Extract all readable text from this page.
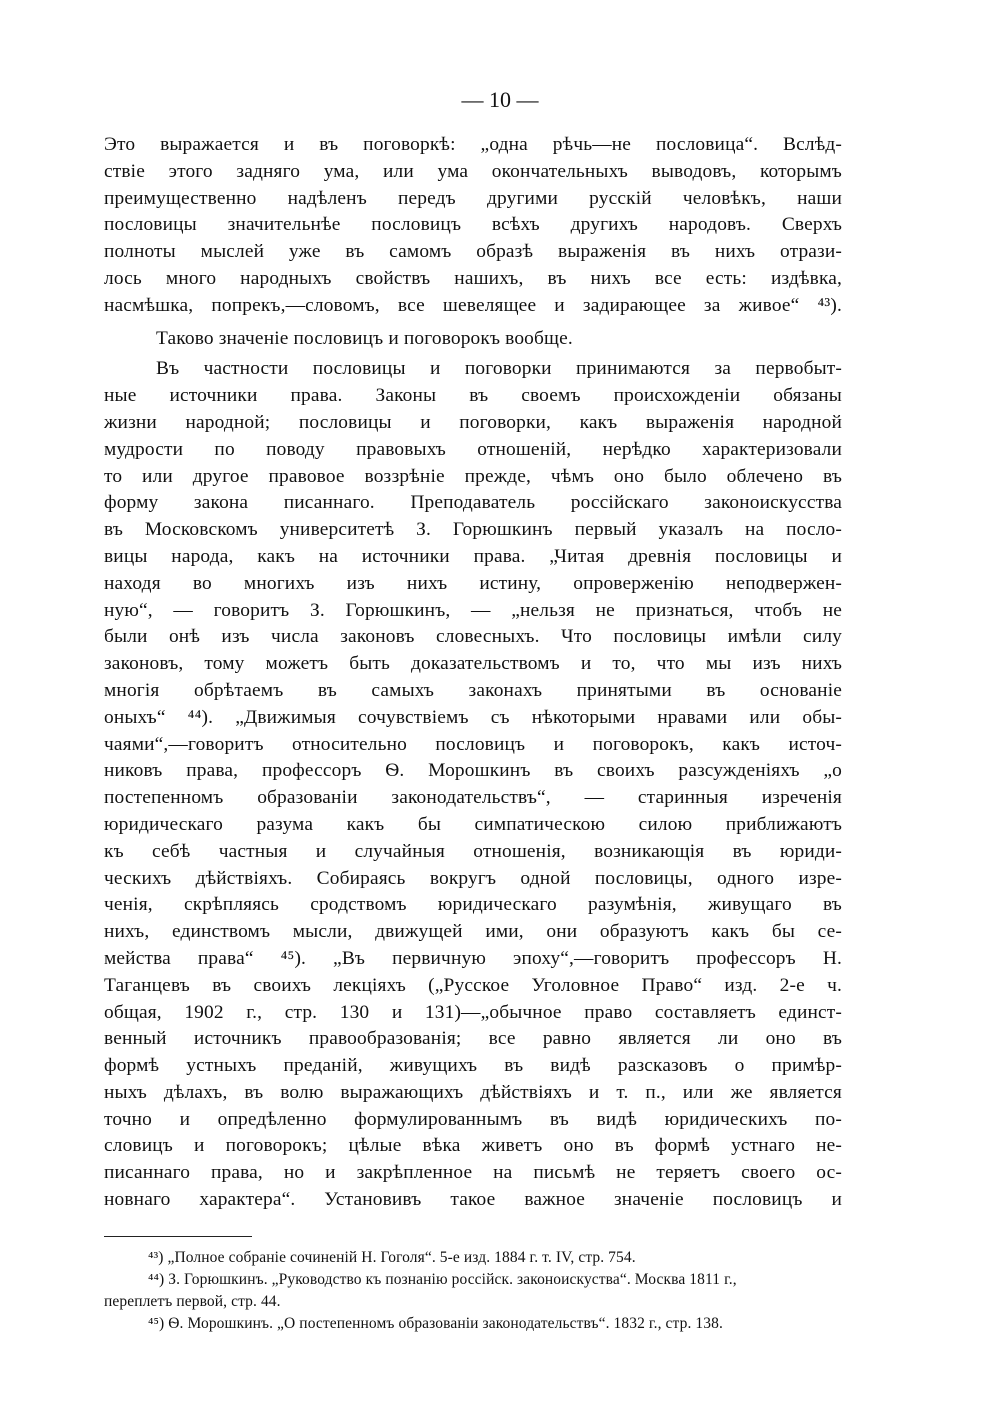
— 10 —
Это выражается и въ поговоркѣ: „одна рѣчь—не пословица“. Вслѣд-
ствіе этого задняго ума, или ума окончательныхъ выводовъ, которымъ
преимущественно надѣленъ передъ другими русскій человѣкъ, наши
пословицы значительнѣе пословицъ всѣхъ другихъ народовъ. Сверхъ
полноты мыслей уже въ самомъ образѣ выраженія въ нихъ отрази-
лось много народныхъ свойствъ нашихъ, въ нихъ все есть: издѣвка,
насмѣшка, попрекъ,—словомъ, все шевелящее и задирающее за живое“ ⁴³).
Таково значеніе пословицъ и поговорокъ вообще.
Въ частности пословицы и поговорки принимаются за первобыт-
ные источники права. Законы въ своемъ происхожденіи обязаны
жизни народной; пословицы и поговорки, какъ выраженія народной
мудрости по поводу правовыхъ отношеній, нерѣдко характеризовали
то или другое правовое воззрѣніе прежде, чѣмъ оно было облечено въ
форму закона писаннаго. Преподаватель россійскаго законоискусства
въ Московскомъ университетѣ З. Горюшкинъ первый указалъ на посло-
вицы народа, какъ на источники права. „Читая древнія пословицы и
находя во многихъ изъ нихъ истину, опроверженію неподвержен-
ную“, — говоритъ З. Горюшкинъ, — „нельзя не признаться, чтобъ не
были онѣ изъ числа законовъ словесныхъ. Что пословицы имѣли силу
законовъ, тому можетъ быть доказательствомъ и то, что мы изъ нихъ
многія обрѣтаемъ въ самыхъ законахъ принятыми въ основаніе
оныхъ“ ⁴⁴). „Движимыя сочувствіемъ съ нѣкоторыми нравами или обы-
чаями“,—говоритъ относительно пословицъ и поговорокъ, какъ источ-
никовъ права, профессоръ Ѳ. Морошкинъ въ своихъ разсужденіяхъ „о
постепенномъ образованіи законодательствъ“, — старинныя изреченія
юридическаго разума какъ бы симпатическою силою приближаютъ
къ себѣ частныя и случайныя отношенія, возникающія въ юриди-
ческихъ дѣйствіяхъ. Собираясь вокругъ одной пословицы, одного изре-
ченія, скрѣпляясь сродствомъ юридическаго разумѣнія, живущаго въ
нихъ, единствомъ мысли, движущей ими, они образуютъ какъ бы се-
мейства права“ ⁴⁵). „Въ первичную эпоху“,—говоритъ профессоръ Н.
Таганцевъ въ своихъ лекціяхъ („Русское Уголовное Право“ изд. 2-е ч.
общая, 1902 г., стр. 130 и 131)—„обычное право составляетъ единст-
венный источникъ правообразованія; все равно является ли оно въ
формѣ устныхъ преданій, живущихъ въ видѣ разсказовъ о примѣр-
ныхъ дѣлахъ, въ волю выражающихъ дѣйствіяхъ и т. п., или же является
точно и опредѣленно формулированнымъ въ видѣ юридическихъ по-
словицъ и поговорокъ; цѣлые вѣка живетъ оно въ формѣ устнаго не-
писаннаго права, но и закрѣпленное на письмѣ не теряетъ своего ос-
новнаго характера“. Установивъ такое важное значеніе пословицъ и
⁴³) „Полное собраніе сочиненій Н. Гоголя“. 5-е изд. 1884 г. т. IV, стр. 754.
⁴⁴) З. Горюшкинъ. „Руководство къ познанію россійск. законоискуства“. Москва 1811 г.,
переплетъ первой, стр. 44.
⁴⁵) Ѳ. Морошкинъ. „О постепенномъ образованіи законодательствъ“. 1832 г., стр. 138.
